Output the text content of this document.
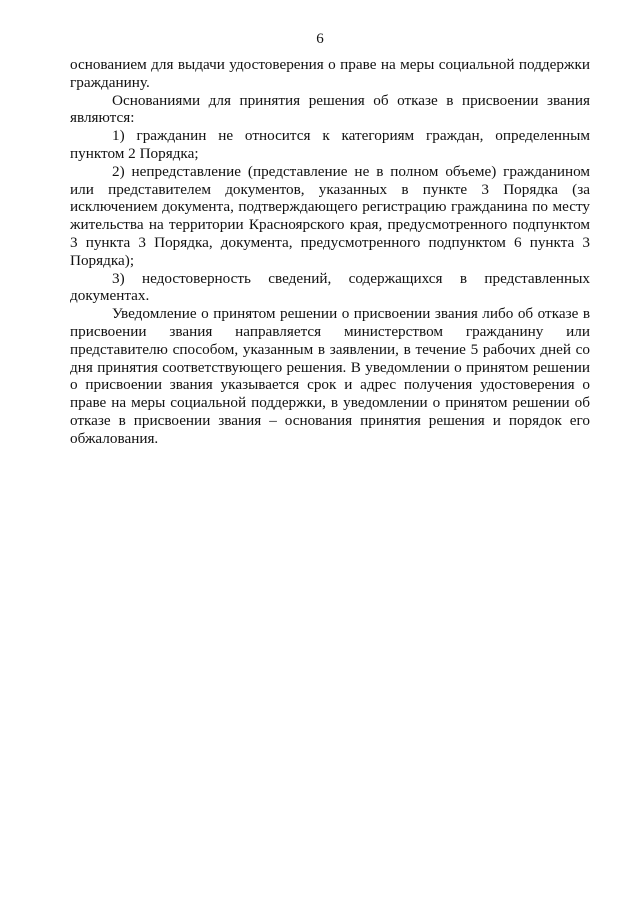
6

основанием для выдачи удостоверения о праве на меры социальной поддержки гражданину.

Основаниями для принятия решения об отказе в присвоении звания являются:

1) гражданин не относится к категориям граждан, определенным пунктом 2 Порядка;

2) непредставление (представление не в полном объеме) гражданином или представителем документов, указанных в пункте 3 Порядка (за исключением документа, подтверждающего регистрацию гражданина по месту жительства на территории Красноярского края, предусмотренного подпунктом 3 пункта 3 Порядка, документа, предусмотренного подпунктом 6 пункта 3 Порядка);

3) недостоверность сведений, содержащихся в представленных документах.

Уведомление о принятом решении о присвоении звания либо об отказе в присвоении звания направляется министерством гражданину или представителю способом, указанным в заявлении, в течение 5 рабочих дней со дня принятия соответствующего решения. В уведомлении о принятом решении о присвоении звания указывается срок и адрес получения удостоверения о праве на меры социальной поддержки, в уведомлении о принятом решении об отказе в присвоении звания – основания принятия решения и порядок его обжалования.
